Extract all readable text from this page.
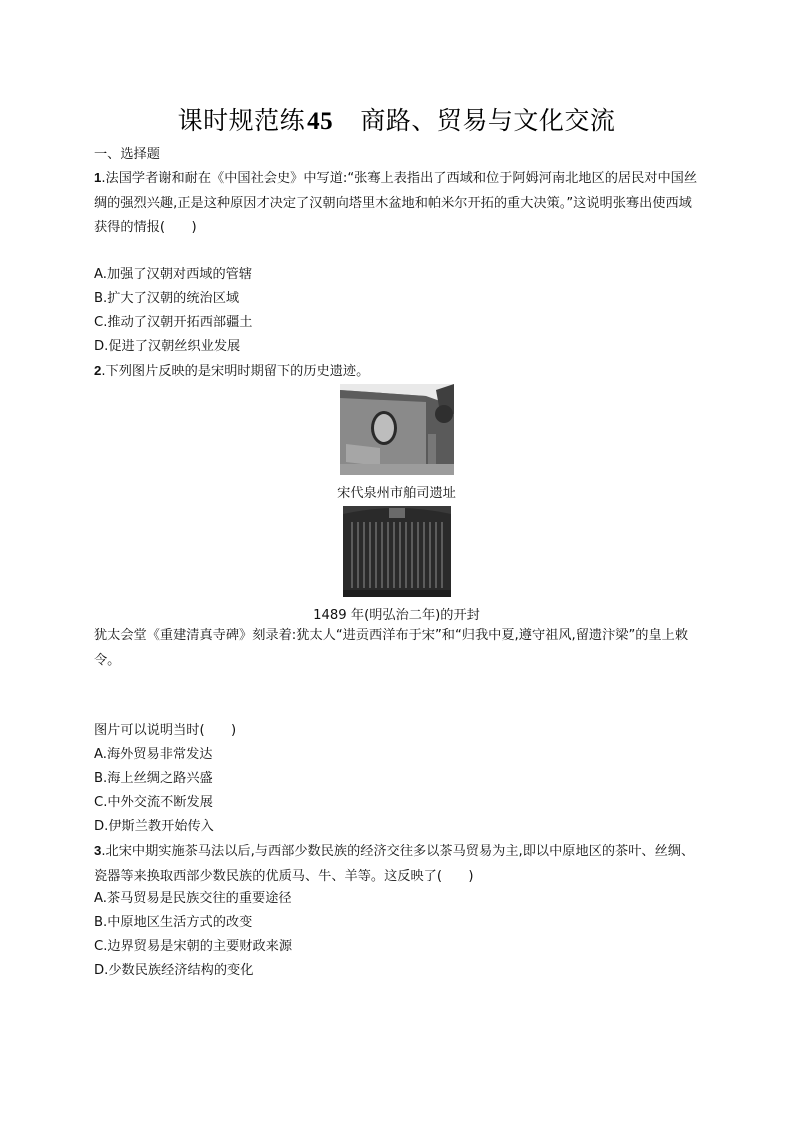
课时规范练45 商路、贸易与文化交流
一、选择题
1.法国学者谢和耐在《中国社会史》中写道:“张骞上表指出了西域和位于阿姆河南北地区的居民对中国丝绸的强烈兴趣,正是这种原因才决定了汉朝向塔里木盆地和帕米尔开拓的重大决策。”这说明张骞出使西域获得的情报(　　)
A.加强了汉朝对西域的管辖
B.扩大了汉朝的统治区域
C.推动了汉朝开拓西部疆土
D.促进了汉朝丝织业发展
2.下列图片反映的是宋明时期留下的历史遗迹。
宋代泉州市舶司遗址
1489 年(明弘治二年)的开封
犹太会堂《重建清真寺碑》刻录着:犹太人“进贡西洋布于宋”和“归我中夏,遵守祖风,留遗汴梁”的皇上敕令。
图片可以说明当时(　　)
A.海外贸易非常发达
B.海上丝绸之路兴盛
C.中外交流不断发展
D.伊斯兰教开始传入
3.北宋中期实施茶马法以后,与西部少数民族的经济交往多以茶马贸易为主,即以中原地区的茶叶、丝绸、瓷器等来换取西部少数民族的优质马、牛、羊等。这反映了(　　)
A.茶马贸易是民族交往的重要途径
B.中原地区生活方式的改变
C.边界贸易是宋朝的主要财政来源
D.少数民族经济结构的变化
